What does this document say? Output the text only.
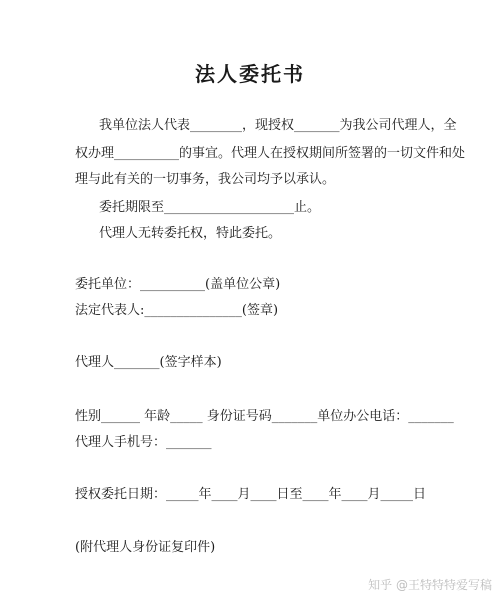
法人委托书
我单位法人代表________，现授权_______为我公司代理人，全
权办理__________的事宜。代理人在授权期间所签署的一切文件和处
理与此有关的一切事务，我公司均予以承认。
委托期限至____________________止。
代理人无转委托权，特此委托。
委托单位：__________(盖单位公章)
法定代表人:_______________(签章)
代理人_______(签字样本)
性别______ 年龄_____ 身份证号码_______单位办公电话：_______
代理人手机号：_______
授权委托日期：_____年____月____日至____年____月_____日
(附代理人身份证复印件)
知乎 @王特特特爱写稿
